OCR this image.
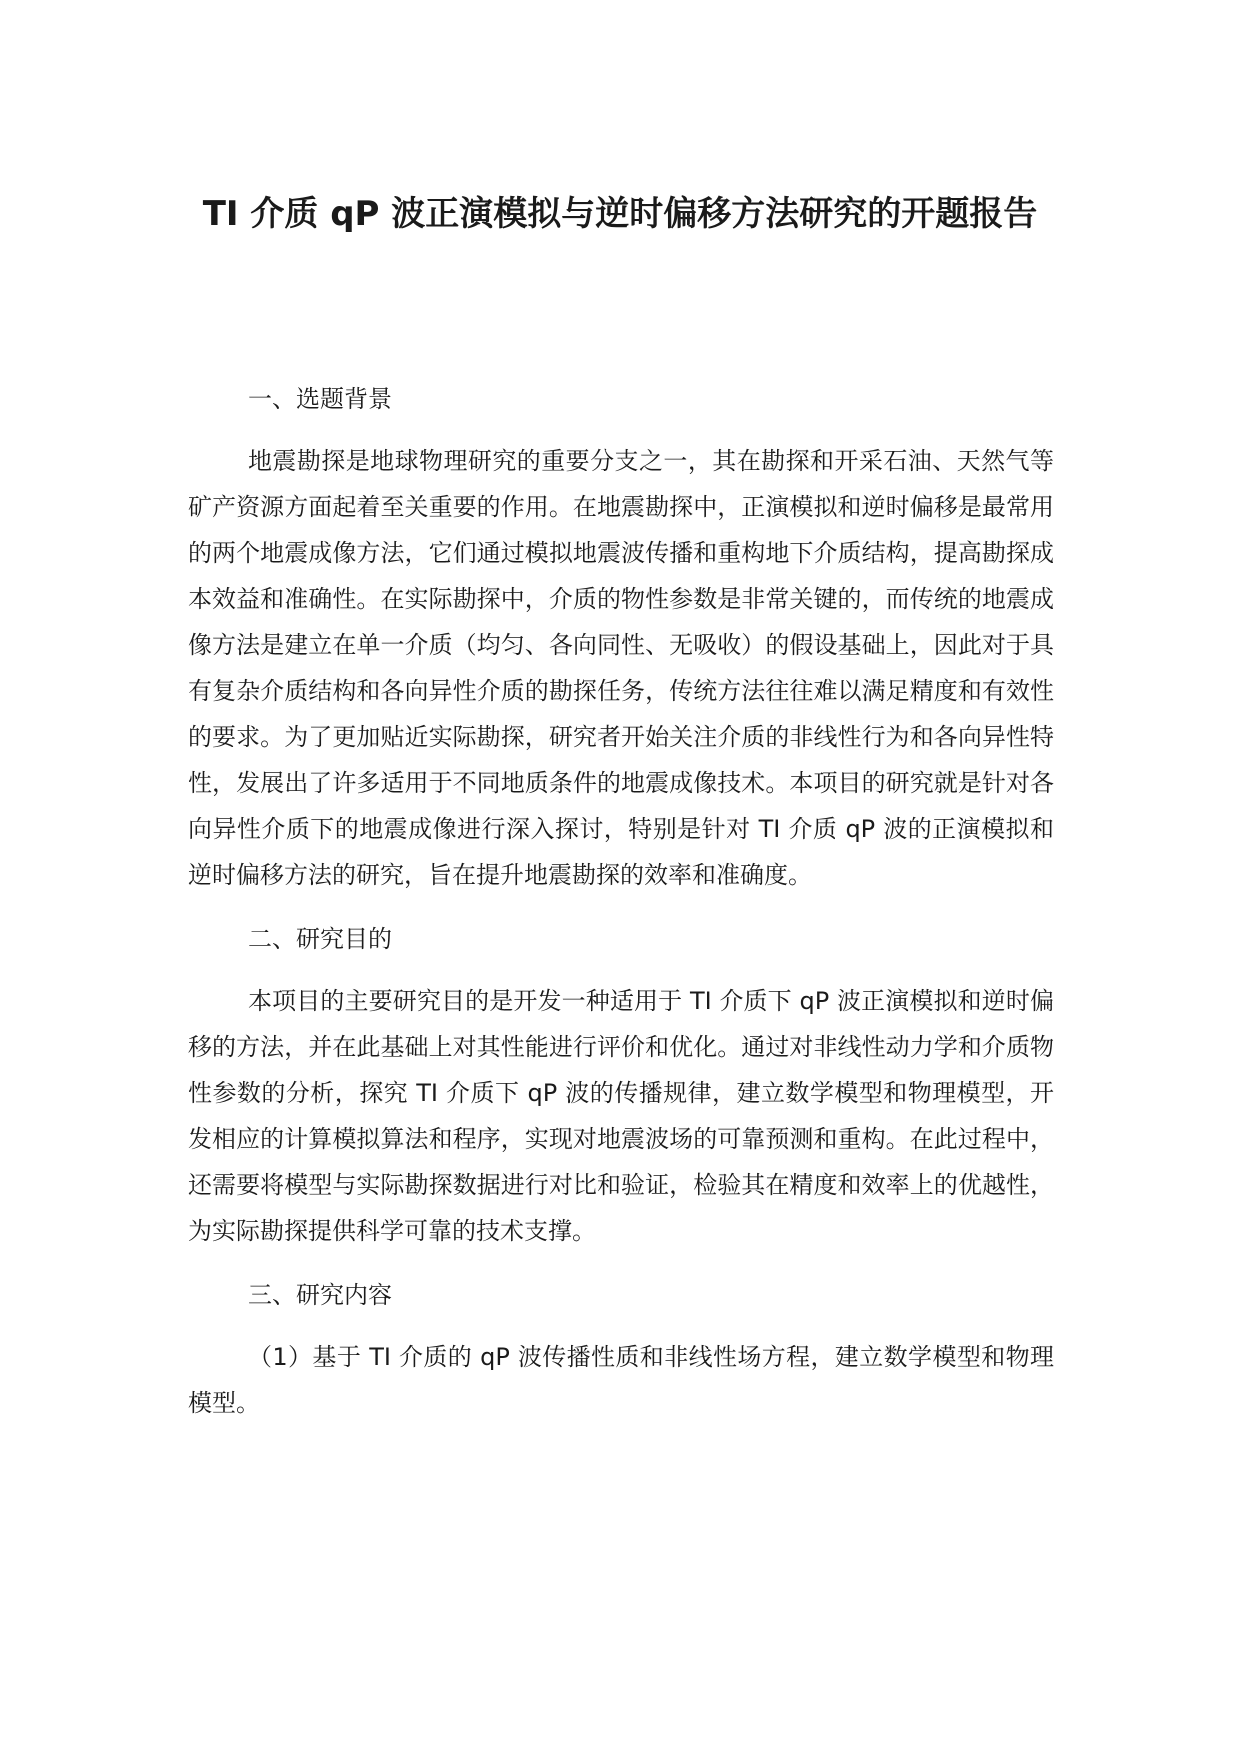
TI 介质 qP 波正演模拟与逆时偏移方法研究的开题报告

一、选题背景

地震勘探是地球物理研究的重要分支之一，其在勘探和开采石油、天然气等矿产资源方面起着至关重要的作用。在地震勘探中，正演模拟和逆时偏移是最常用的两个地震成像方法，它们通过模拟地震波传播和重构地下介质结构，提高勘探成本效益和准确性。在实际勘探中，介质的物性参数是非常关键的，而传统的地震成像方法是建立在单一介质（均匀、各向同性、无吸收）的假设基础上，因此对于具有复杂介质结构和各向异性介质的勘探任务，传统方法往往难以满足精度和有效性的要求。为了更加贴近实际勘探，研究者开始关注介质的非线性行为和各向异性特性，发展出了许多适用于不同地质条件的地震成像技术。本项目的研究就是针对各向异性介质下的地震成像进行深入探讨，特别是针对 TI 介质 qP 波的正演模拟和逆时偏移方法的研究，旨在提升地震勘探的效率和准确度。

二、研究目的

本项目的主要研究目的是开发一种适用于 TI 介质下 qP 波正演模拟和逆时偏移的方法，并在此基础上对其性能进行评价和优化。通过对非线性动力学和介质物性参数的分析，探究 TI 介质下 qP 波的传播规律，建立数学模型和物理模型，开发相应的计算模拟算法和程序，实现对地震波场的可靠预测和重构。在此过程中，还需要将模型与实际勘探数据进行对比和验证，检验其在精度和效率上的优越性，为实际勘探提供科学可靠的技术支撑。

三、研究内容

（1）基于 TI 介质的 qP 波传播性质和非线性场方程，建立数学模型和物理模型。
